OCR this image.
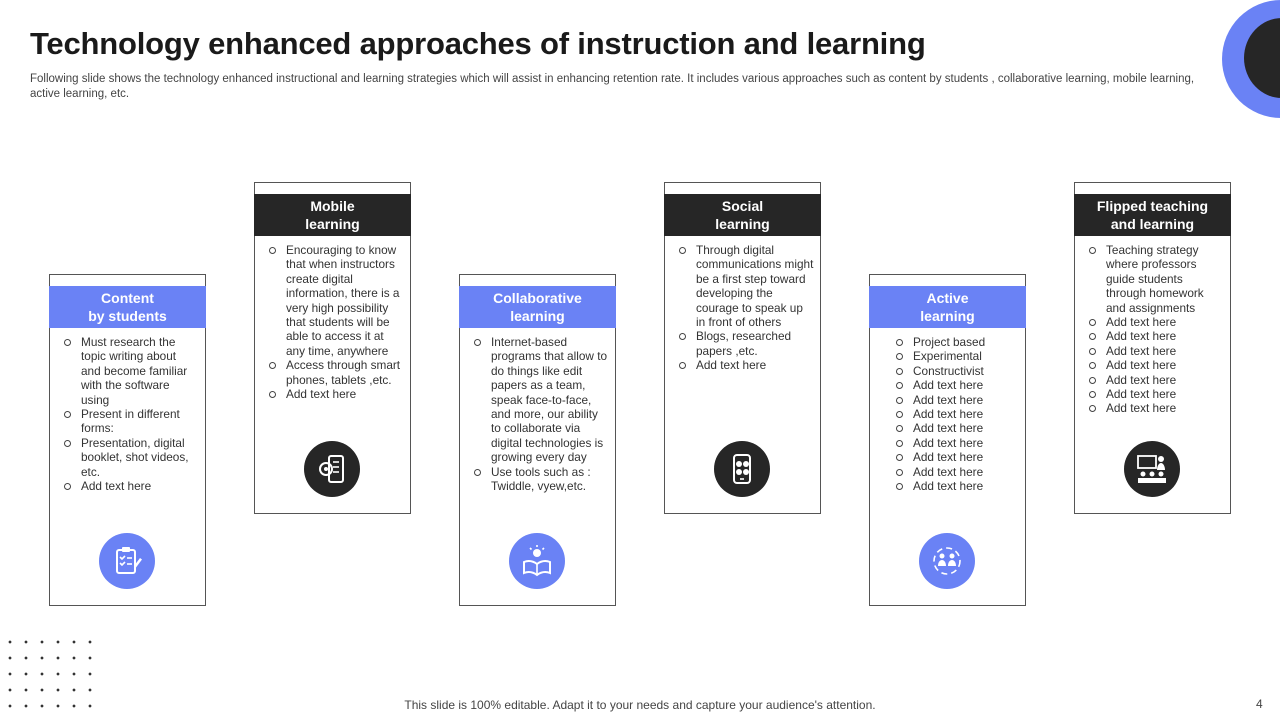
Technology enhanced approaches of instruction and learning

Following slide shows the technology enhanced instructional and learning strategies which will assist in enhancing retention rate. It includes various approaches such as content by students , collaborative learning, mobile learning, active learning, etc.

Content
by students
Must research the topic writing about and become familiar with the software using
Present in different forms:
Presentation, digital booklet, shot videos, etc.
Add text here
Mobile
learning
Encouraging to know that when instructors create digital information, there is a very high possibility that students will be able to access it at any time, anywhere
Access through smart phones, tablets ,etc.
Add text here
Collaborative
learning
Internet-based programs that allow to do things like edit papers as a team, speak face-to-face, and more, our ability to collaborate via digital technologies is growing every day
Use tools such as : Twiddle, vyew,etc.
Social
learning
Through digital communications might be a first step toward developing the courage to speak up in front of others
Blogs, researched papers ,etc.
Add text here
Active
learning
Project based
Experimental
Constructivist
Add text here
Add text here
Add text here
Add text here
Add text here
Add text here
Add text here
Add text here
Flipped teaching
and learning
Teaching strategy where professors guide students through homework and assignments
Add text here
Add text here
Add text here
Add text here
Add text here
Add text here
Add text here

This slide is 100% editable. Adapt it to your needs and capture your audience's attention.	4
